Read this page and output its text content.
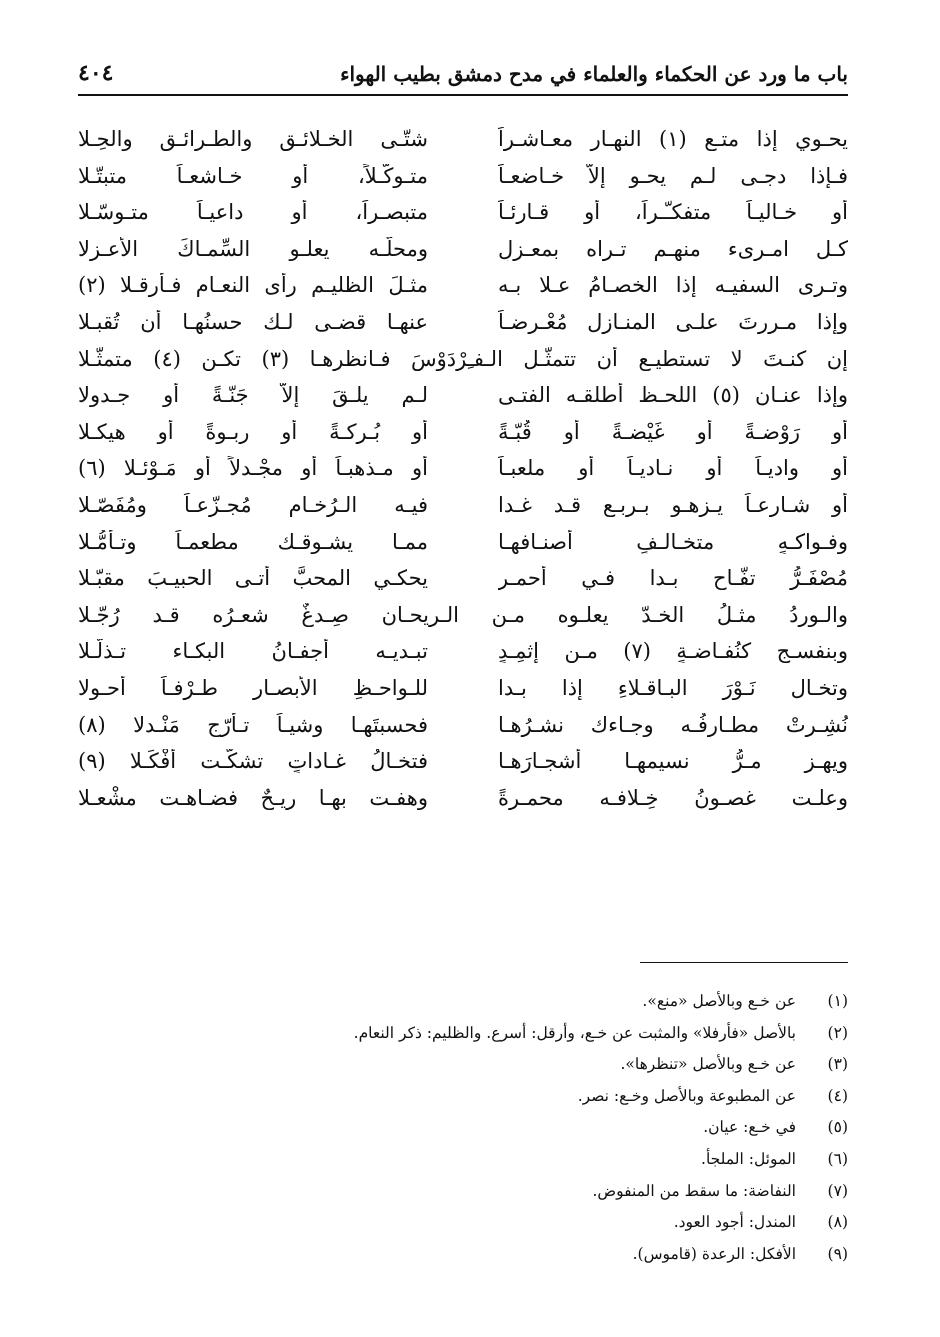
باب ما ورد عن الحكماء والعلماء في مدح دمشق بطيب الهواء
٤٠٤
يحـوي إذا متـع (١) النهـار معـاشـراً
شتّـى الخـلائـقِ والطـرائـقِ والحِـلا
فـإذا دجـى لـم يحـوِ إلاّ خـاضعـاً
متـوكّـلاً، أو خـاشعـاً متبتّـلا
أو خـاليـاً متفكـّـراً، أو قـارئـاً
متبصـراً، أو داعيـاً متـوسّـلا
كـل امـرىء منهـم تـراه بمعـزلٍ
ومحلُّـه يعلـو السِّمـاكَ الأعـزلا
وتـرى السفيـه إذا الخصـامُ عـلا بـه
مثـلَ الظليـم رأى النعـام فـأرقـلا (٢)
وإذا مـررتَ علـى المنـازلِ مُعْـرِضـاً
عنهـا قضـى لـك حسنُهـا أن تُقبـلا
إن كنـتَ لا تستطيـع أن تتمثّـل الـفـِرْدَوْسَ فـانظرهـا (٣) تكـن (٤) متمثّـلا
وإذا عنـان (٥) اللحـظ أطلقـه الفتـى
لـم يلـقَ إلاّ جَنّـةً أو جـدولا
أو رَوْضـةً أو غَيْضـةً أو قُبّـةً
أو بُـركـةً أو ربـوةً أو هيكـلا
أو واديـاً أو نـاديـاً أو ملعبـاً
أو مـذهبـاً أو مجْـدلاً أو مَـوْئـلا (٦)
أو شـارعـاً يـزهـو بـربـع قـد غـدا
فيـه الـرُخـام مُجـزّعـاً ومُفَصّـلا
وفـواكـهٍ متخـالـفٍ أصنـافهـا
ممـا يشـوقـك مطعمـاً وتـأمُّـلا
مُصْفَـرُّ تفّـاحٍ بـدا فـي أحمـرٍ
يحكـي المحبَّ أتـى الحبيـبَ مقبّـلا
والـوردُ مثـلُ الخـدّ يعلـوه مـن الـريحـانِ صِـدغٌ شعـرُه قـد رُجّـلا
وبنفسـج كنُفـاضـةٍ (٧) مـن إثمِـدٍ
تبـديـه أجفـانُ البكـاء تـذلُّـلا
وتخـال نَـوْرَ البـاقـلاءِ إذا بـدا
للـواحـظِ الأبصـارِ طـرْفـاً أحـولا
نُشِـرتْ مطـارفُـه وجـاءك نشـرُهـا
فحسبتَهـا وشيـاً تـأرّج مَنْـدلا (٨)
ويهـز مـرُّ نسيمهـا أشجـارَهـا
فتخـالُ غـاداتٍ تشكّـت أفْكَـلا (٩)
وعلـت غصـونُ خِـلافـه محمـرةً
وهفـت بهـا ريـحٌ فضـاهـت مشْعـلا
(١)
عن خـع وبالأصل «منع».
(٢)
بالأصل «فأرفلا» والمثبت عن خـع، وأرقل: أسرع. والظليم: ذكر النعام.
(٣)
عن خـع وبالأصل «تنظرها».
(٤)
عن المطبوعة وبالأصل وخـع: نصر.
(٥)
في خـع: عيان.
(٦)
الموئل: الملجأ.
(٧)
النفاضة: ما سقط من المنفوض.
(٨)
المندل: أجود العود.
(٩)
الأفكل: الرعدة (قاموس).
